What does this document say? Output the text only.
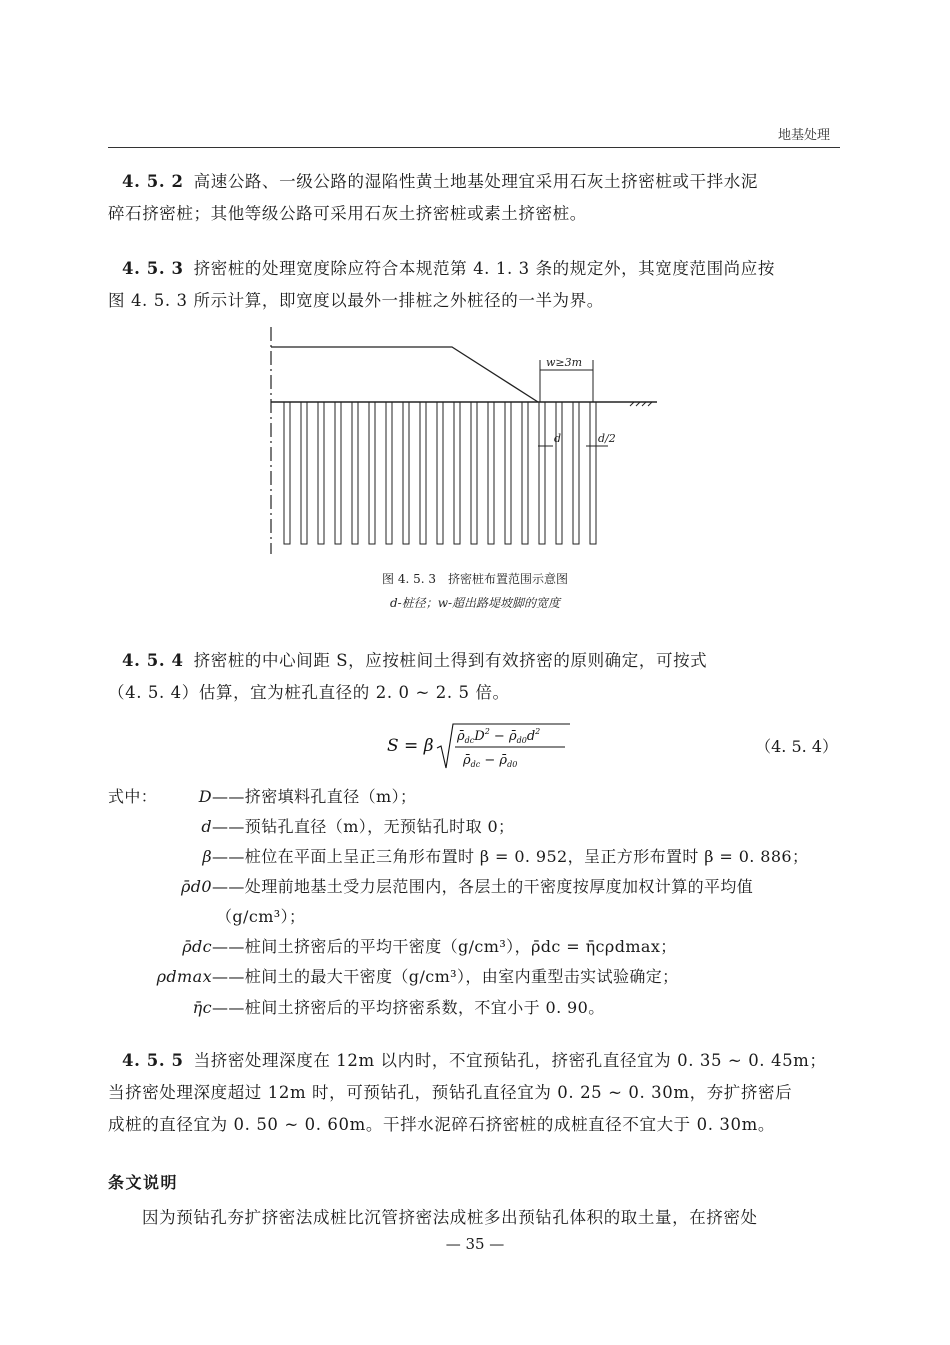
地基处理
4. 5. 2 高速公路、一级公路的湿陷性黄土地基处理宜采用石灰土挤密桩或干拌水泥
碎石挤密桩；其他等级公路可采用石灰土挤密桩或素土挤密桩。
4. 5. 3 挤密桩的处理宽度除应符合本规范第 4. 1. 3 条的规定外，其宽度范围尚应按
图 4. 5. 3 所示计算，即宽度以最外一排桩之外桩径的一半为界。
w≥3m
d	d/2
图 4. 5. 3　挤密桩布置范围示意图
d-桩径；w-超出路堤坡脚的宽度
4. 5. 4 挤密桩的中心间距 S，应按桩间土得到有效挤密的原则确定，可按式
（4. 5. 4）估算，宜为桩孔直径的 2. 0 ~ 2. 5 倍。
S = β $\rhō_{dc}D^2$ − $\rhō_{d0}d^2$
$\rhō_{dc}$ − $\rhō_{d0}$
（4. 5. 4）
式中：	D——挤密填料孔直径（m）；
d——预钻孔直径（m），无预钻孔时取 0；
β——桩位在平面上呈正三角形布置时 β = 0. 952，呈正方形布置时 β = 0. 886；
ρ̄d0——处理前地基土受力层范围内，各层土的干密度按厚度加权计算的平均值
（g/cm³）；
ρ̄dc——桩间土挤密后的平均干密度（g/cm³），ρ̄dc = η̄cρdmax；
ρdmax——桩间土的最大干密度（g/cm³），由室内重型击实试验确定；
η̄c——桩间土挤密后的平均挤密系数，不宜小于 0. 90。
4. 5. 5 当挤密处理深度在 12m 以内时，不宜预钻孔，挤密孔直径宜为 0. 35 ~ 0. 45m；
当挤密处理深度超过 12m 时，可预钻孔，预钻孔直径宜为 0. 25 ~ 0. 30m，夯扩挤密后
成桩的直径宜为 0. 50 ~ 0. 60m。干拌水泥碎石挤密桩的成桩直径不宜大于 0. 30m。
条文说明
因为预钻孔夯扩挤密法成桩比沉管挤密法成桩多出预钻孔体积的取土量，在挤密处
— 35 —
